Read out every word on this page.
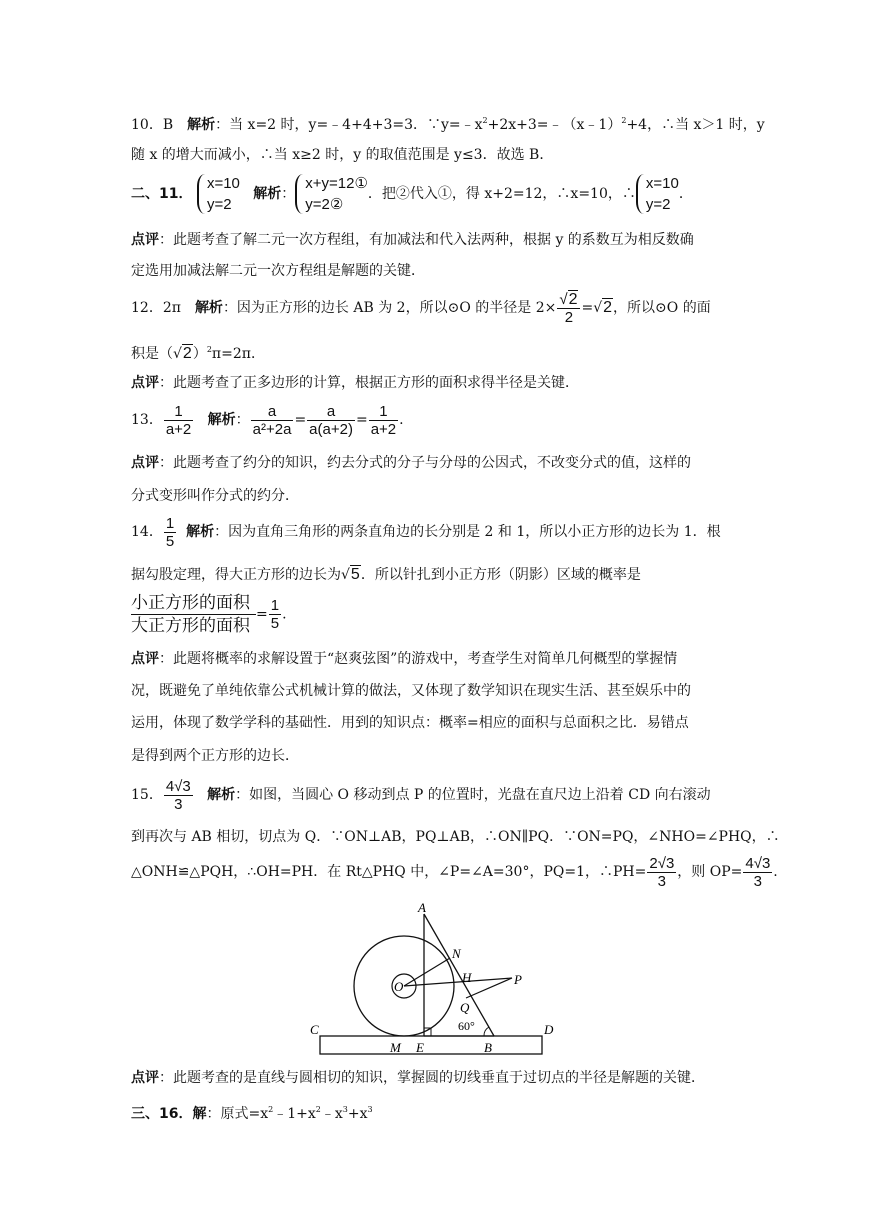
10．B　解析：当 x=2 时，y=﹣4+4+3=3．$\because y=﹣x^2+2x+3=﹣(x﹣1)^2+4$，∴当 x＞1 时，y
随 x 的增大而减小，∴当 x≥2 时，y 的取值范围是 y≤3．故选 B．
二、11．
x=10
y=2
解析：
x+y=12①
y=2②
．把②代入①，得 x+2=12，∴x=10，∴
x=10
y=2
．
点评：此题考查了解二元一次方程组，有加减法和代入法两种，根据 y 的系数互为相反数确
定选用加减法解二元一次方程组是解题的关键．
12．2π　解析：因为正方形的边长 AB 为 2，所以⊙O 的半径是 $2\times \frac{√2}{2} =√2$，所以⊙O 的面
积是$(√2)^2\pi=2\pi$．
点评：此题考查了正多边形的计算，根据正方形的面积求得半径是关键．
13． $\frac{1}{a+2}$ 解析： $\frac{a}{\text{a²+2a}} = \frac{a}{a(a+2)} = \frac{1}{a+2}$ .
点评：此题考查了约分的知识，约去分式的分子与分母的公因式，不改变分式的值，这样的
分式变形叫作分式的约分．
14． $\frac{1}{5}$ 解析：因为直角三角形的两条直角边的长分别是 2 和 1，所以小正方形的边长为 1．根
据勾股定理，得大正方形的边长为√5．所以针扎到小正方形（阴影）区域的概率是
$\frac{\text{小正方形的面积}}{\text{大正方形的面积}} = \frac{1}{5}$ .
点评：此题将概率的求解设置于“赵爽弦图”的游戏中，考查学生对简单几何概型的掌握情
况，既避免了单纯依靠公式机械计算的做法，又体现了数学知识在现实生活、甚至娱乐中的
运用，体现了数学学科的基础性．用到的知识点：概率=相应的面积与总面积之比．易错点
是得到两个正方形的边长．
15． $\frac{4√3}{3}$ 解析：如图，当圆心 O 移动到点 P 的位置时，光盘在直尺边上沿着 CD 向右滚动
到再次与 AB 相切，切点为 Q．∵ON⊥AB，PQ⊥AB，∴ON∥PQ．∵ON=PQ，∠NHO=∠PHQ，∴
△ONH≌△PQH，∴OH=PH．在 Rt△PHQ 中，∠P=∠A=30°，PQ=1，∴PH= $\frac{2√3}{3}$ ，则 $OP= \frac{4√3}{3}$ .
A
N
H	P
O
Q
60°
C	D
M E	B
点评：此题考查的是直线与圆相切的知识，掌握圆的切线垂直于过切点的半径是解题的关键．
三、16．解：原式$=x^2﹣1+x^2﹣x^3+x^3$
